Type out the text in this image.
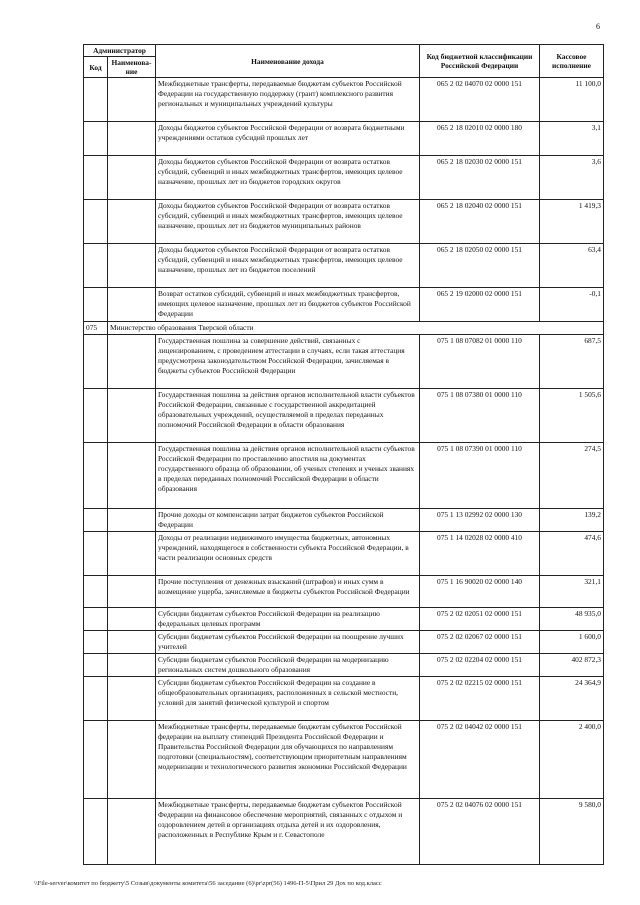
6
Администратор		Наименование дохода	Код бюджетной классификации Российской Федерации	Кассовое исполнение
Код	Наименова-ние			
		Межбюджетные трансферты, передаваемые бюджетам субъектов Российской Федерации на государственную поддержку (грант) комплексного развития региональных и муниципальных учреждений культуры	065 2 02 04070 02 0000 151	11 100,0
		Доходы бюджетов субъектов Российской Федерации от возврата бюджетными учреждениями остатков субсидий прошлых лет	065 2 18 02010 02 0000 180	3,1
		Доходы бюджетов субъектов Российской Федерации от возврата остатков субсидий, субвенций и иных межбюджетных трансфертов, имеющих целевое назначение, прошлых лет из бюджетов городских округов	065 2 18 02030 02 0000 151	3,6
		Доходы бюджетов субъектов Российской Федерации от возврата остатков субсидий, субвенций и иных межбюджетных трансфертов, имеющих целевое назначение, прошлых лет из бюджетов муниципальных районов	065 2 18 02040 02 0000 151	1 419,3
		Доходы бюджетов субъектов Российской Федерации от возврата остатков субсидий, субвенций и иных межбюджетных трансфертов, имеющих целевое назначение, прошлых лет из бюджетов поселений	065 2 18 02050 02 0000 151	63,4
		Возврат остатков субсидий, субвенций и иных межбюджетных трансфертов, имеющих целевое назначение, прошлых лет из бюджетов субъектов Российской Федерации	065 2 19 02000 02 0000 151	-0,1
075	Министерство образования Тверской области			
		Государственная пошлина за совершение действий, связанных с лицензированием, с проведением аттестации в случаях, если такая аттестация предусмотрена законодательством Российской Федерации, зачисляемая в бюджеты субъектов Российской Федерации	075 1 08 07082 01 0000 110	687,5
		Государственная пошлина за действия органов исполнительной власти субъектов Российской Федерации, связанные с государственной аккредитацией образовательных учреждений, осуществляемой в пределах переданных полномочий Российской Федерации в области образования	075 1 08 07380 01 0000 110	1 505,6
		Государственная пошлина за действия органов исполнительной власти субъектов Российской Федерации по проставлению апостиля на документах государственного образца об образовании, об ученых степенях и ученых званиях в пределах переданных полномочий Российской Федерации в области образования	075 1 08 07390 01 0000 110	274,5
		Прочие доходы от компенсации затрат бюджетов субъектов Российской Федерации	075 1 13 02992 02 0000 130	139,2
		Доходы от реализации недвижимого имущества бюджетных, автономных учреждений, находящегося в собственности субъекта Российской Федерации, в части реализации основных средств	075 1 14 02028 02 0000 410	474,6
		Прочие поступления от денежных взысканий (штрафов) и иных сумм в возмещение ущерба, зачисляемые в бюджеты субъектов Российской Федерации	075 1 16 90020 02 0000 140	321,1
		Субсидии бюджетам субъектов Российской Федерации на реализацию федеральных целевых программ	075 2 02 02051 02 0000 151	48 935,0
		Субсидии бюджетам субъектов Российской Федерации на поощрение лучших учителей	075 2 02 02067 02 0000 151	1 600,0
		Субсидии бюджетам субъектов Российской Федерации на модернизацию региональных систем дошкольного образования	075 2 02 02204 02 0000 151	402 872,3
		Субсидии бюджетам субъектов Российской Федерации на создание в общеобразовательных организациях, расположенных в сельской местности, условий для занятий физической культурой и спортом	075 2 02 02215 02 0000 151	24 364,9
		Межбюджетные трансферты, передаваемые бюджетам субъектов Российской федерации на выплату стипендий Президента Российской Федерации и Правительства Российской Федерации для обучающихся по направлениям подготовки (специальностям), соответствующим приоритетным направлениям модернизации и технологического развития экономики Российской Федерации	075 2 02 04042 02 0000 151	2 400,0
		Межбюджетные трансферты, передаваемые бюджетам субъектов Российской Федерации на финансовое обеспечение мероприятий, связанных с отдыхом и оздоровлением детей в организациях отдыха детей и их оздоровления, расположенных в Республике Крым и г. Севастополе	075 2 02 04076 02 0000 151	9 580,0
\\File-server\комитет по бюджету\5 Созыв\документы комитета\56 заседание (6)\pr\zpr(56) 1496-П-5\Прил 29 Дох по код.класс
